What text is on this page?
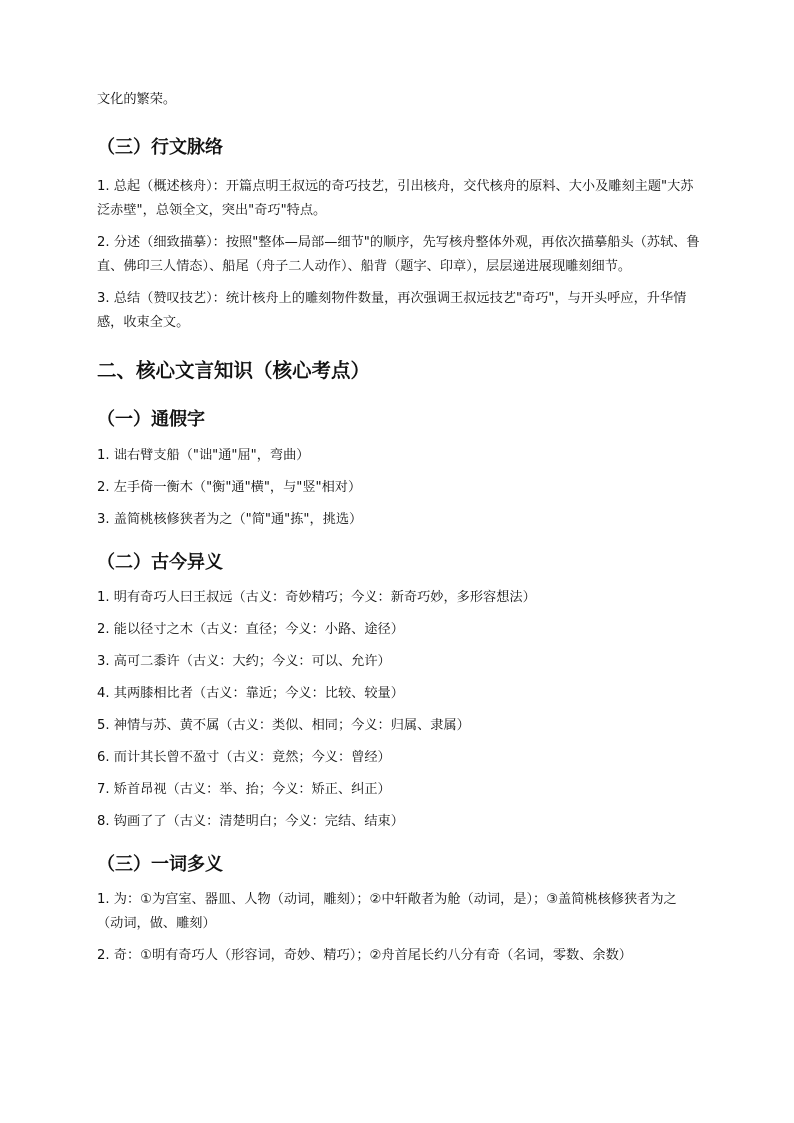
文化的繁荣。

（三）行文脉络

1. 总起（概述核舟）：开篇点明王叔远的奇巧技艺，引出核舟，交代核舟的原料、大小及雕刻主题"大苏泛赤壁"，总领全文，突出"奇巧"特点。

2. 分述（细致描摹）：按照"整体—局部—细节"的顺序，先写核舟整体外观，再依次描摹船头（苏轼、鲁直、佛印三人情态）、船尾（舟子二人动作）、船背（题字、印章），层层递进展现雕刻细节。

3. 总结（赞叹技艺）：统计核舟上的雕刻物件数量，再次强调王叔远技艺"奇巧"，与开头呼应，升华情感，收束全文。

二、核心文言知识（核心考点）
（一）通假字

1. 诎右臂支船（"诎"通"屈"，弯曲）

2. 左手倚一衡木（"衡"通"横"，与"竖"相对）

3. 盖简桃核修狭者为之（"简"通"拣"，挑选）

（二）古今异义

1. 明有奇巧人曰王叔远（古义：奇妙精巧；今义：新奇巧妙，多形容想法）

2. 能以径寸之木（古义：直径；今义：小路、途径）

3. 高可二黍许（古义：大约；今义：可以、允许）

4. 其两膝相比者（古义：靠近；今义：比较、较量）

5. 神情与苏、黄不属（古义：类似、相同；今义：归属、隶属）

6. 而计其长曾不盈寸（古义：竟然；今义：曾经）

7. 矫首昂视（古义：举、抬；今义：矫正、纠正）

8. 钩画了了（古义：清楚明白；今义：完结、结束）

（三）一词多义

1. 为：①为宫室、器皿、人物（动词，雕刻）；②中轩敞者为舱（动词，是）；③盖简桃核修狭者为之（动词，做、雕刻）

2. 奇：①明有奇巧人（形容词，奇妙、精巧）；②舟首尾长约八分有奇（名词，零数、余数）
